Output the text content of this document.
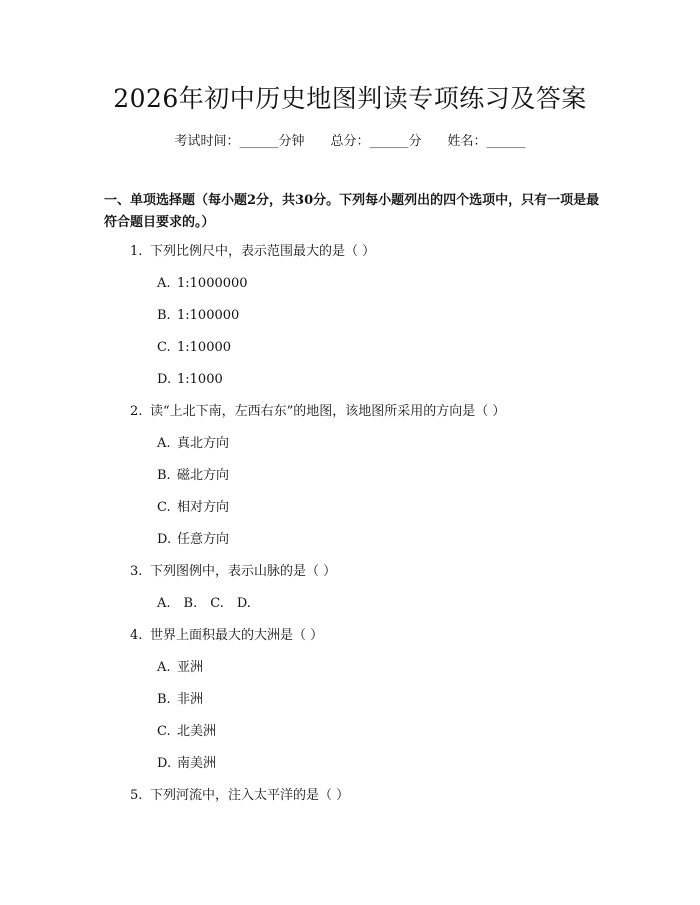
2026年初中历史地图判读专项练习及答案
考试时间：______分钟　　 总分：______分　　 姓名：______
一、单项选择题（每小题2分，共30分。下列每小题列出的四个选项中，只有一项是最符合题目要求的。）
1. 下列比例尺中，表示范围最大的是（ ）
A. 1:1000000
B. 1:100000
C. 1:10000
D. 1:1000
2. 读“上北下南，左西右东”的地图，该地图所采用的方向是（ ）
A. 真北方向
B. 磁北方向
C. 相对方向
D. 任意方向
3. 下列图例中，表示山脉的是（ ）
A.　B.　C.　D.
4. 世界上面积最大的大洲是（ ）
A. 亚洲
B. 非洲
C. 北美洲
D. 南美洲
5. 下列河流中，注入太平洋的是（ ）
